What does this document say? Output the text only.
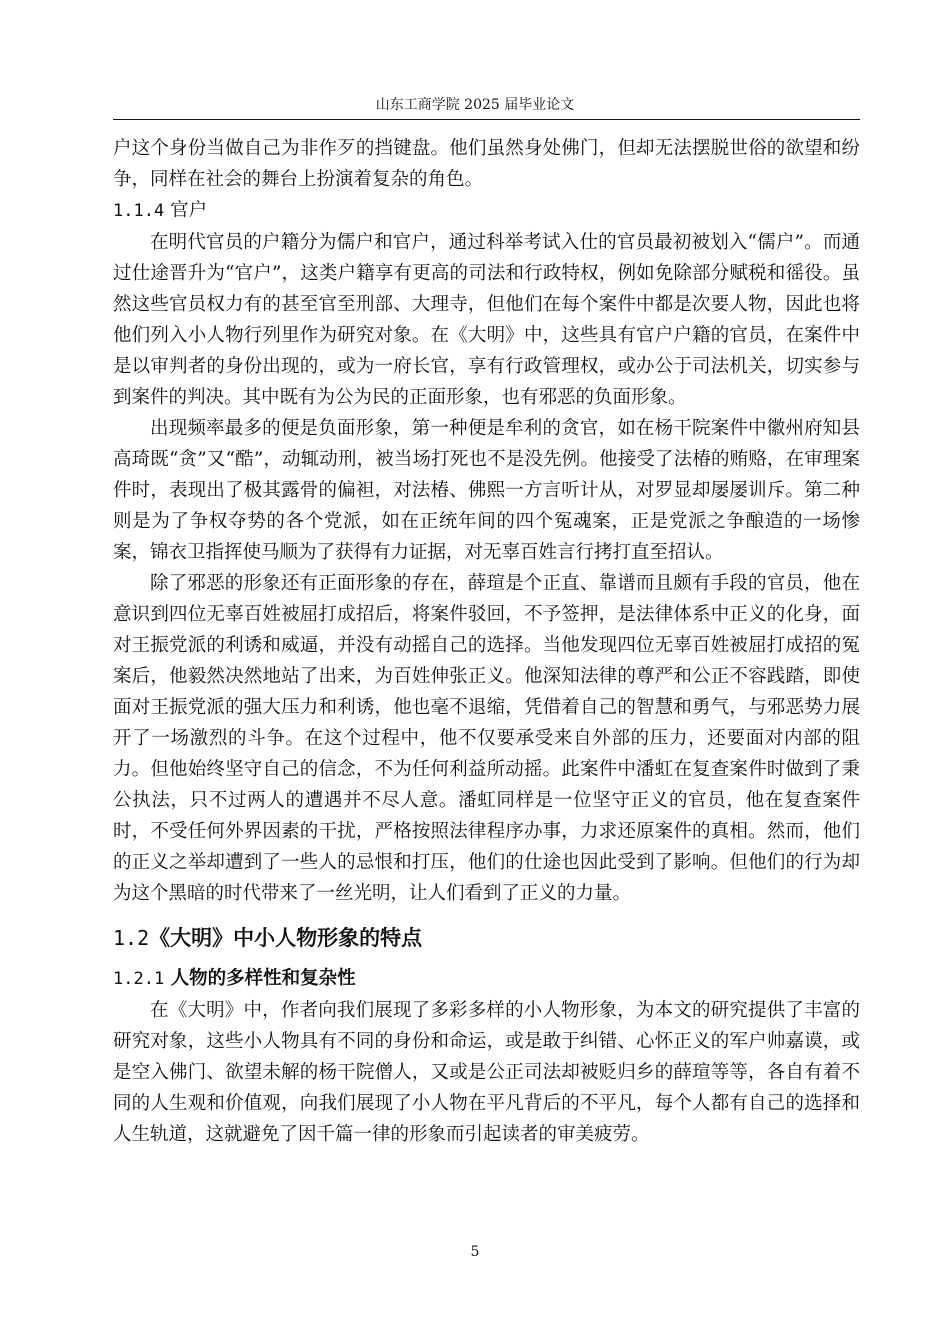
山东工商学院 2025 届毕业论文

户这个身份当做自己为非作歹的挡键盘。他们虽然身处佛门，但却无法摆脱世俗的欲望和纷争，同样在社会的舞台上扮演着复杂的角色。

1.1.4 官户

在明代官员的户籍分为儒户和官户，通过科举考试入仕的官员最初被划入“儒户”。而通过仕途晋升为“官户”，这类户籍享有更高的司法和行政特权，例如免除部分赋税和徭役。虽然这些官员权力有的甚至官至刑部、大理寺，但他们在每个案件中都是次要人物，因此也将他们列入小人物行列里作为研究对象。在《大明》中，这些具有官户户籍的官员，在案件中是以审判者的身份出现的，或为一府长官，享有行政管理权，或办公于司法机关，切实参与到案件的判决。其中既有为公为民的正面形象，也有邪恶的负面形象。

出现频率最多的便是负面形象，第一种便是牟利的贪官，如在杨干院案件中徽州府知县高琦既“贪”又“酷”，动辄动刑，被当场打死也不是没先例。他接受了法椿的贿赂，在审理案件时，表现出了极其露骨的偏袒，对法椿、佛熙一方言听计从，对罗显却屡屡训斥。第二种则是为了争权夺势的各个党派，如在正统年间的四个冤魂案，正是党派之争酿造的一场惨案，锦衣卫指挥使马顺为了获得有力证据，对无辜百姓言行拷打直至招认。

除了邪恶的形象还有正面形象的存在，薛瑄是个正直、靠谱而且颇有手段的官员，他在意识到四位无辜百姓被屈打成招后，将案件驳回，不予签押，是法律体系中正义的化身，面对王振党派的利诱和威逼，并没有动摇自己的选择。当他发现四位无辜百姓被屈打成招的冤案后，他毅然决然地站了出来，为百姓伸张正义。他深知法律的尊严和公正不容践踏，即使面对王振党派的强大压力和利诱，他也毫不退缩，凭借着自己的智慧和勇气，与邪恶势力展开了一场激烈的斗争。在这个过程中，他不仅要承受来自外部的压力，还要面对内部的阻力。但他始终坚守自己的信念，不为任何利益所动摇。此案件中潘虹在复查案件时做到了秉公执法，只不过两人的遭遇并不尽人意。潘虹同样是一位坚守正义的官员，他在复查案件时，不受任何外界因素的干扰，严格按照法律程序办事，力求还原案件的真相。然而，他们的正义之举却遭到了一些人的忌恨和打压，他们的仕途也因此受到了影响。但他们的行为却为这个黑暗的时代带来了一丝光明，让人们看到了正义的力量。

1.2《大明》中小人物形象的特点

1.2.1 人物的多样性和复杂性

在《大明》中，作者向我们展现了多彩多样的小人物形象，为本文的研究提供了丰富的研究对象，这些小人物具有不同的身份和命运，或是敢于纠错、心怀正义的军户帅嘉谟，或是空入佛门、欲望未解的杨干院僧人，又或是公正司法却被贬归乡的薛瑄等等，各自有着不同的人生观和价值观，向我们展现了小人物在平凡背后的不平凡，每个人都有自己的选择和人生轨道，这就避免了因千篇一律的形象而引起读者的审美疲劳。

5
